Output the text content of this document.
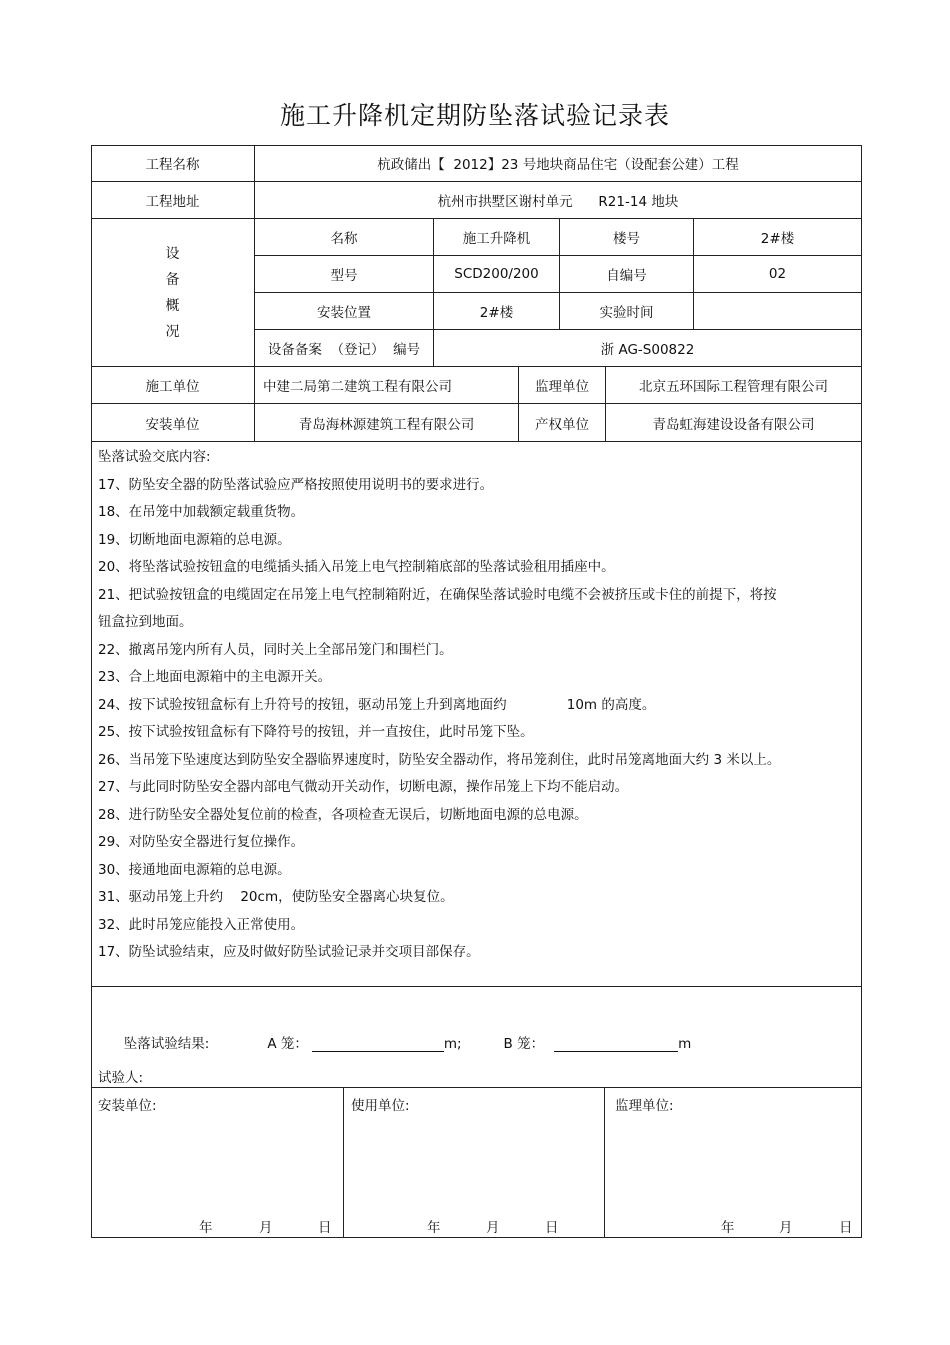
施工升降机定期防坠落试验记录表
工程名称	杭政储出【  2012】23 号地块商品住宅（设配套公建）工程
工程地址	杭州市拱墅区谢村单元      R21-14 地块
设
备
概
况
名称	施工升降机	楼号	2#楼
型号	SCD200/200	自编号	02
安装位置	2#楼	实验时间
设备备案  （登记）  编号	浙 AG-S00822
施工单位	中建二局第二建筑工程有限公司	监理单位	北京五环国际工程管理有限公司
安装单位	青岛海林源建筑工程有限公司	产权单位	青岛虹海建设设备有限公司
坠落试验交底内容:
17、防坠安全器的防坠落试验应严格按照使用说明书的要求进行。
18、在吊笼中加载额定载重货物。
19、切断地面电源箱的总电源。
20、将坠落试验按钮盒的电缆插头插入吊笼上电气控制箱底部的坠落试验租用插座中。
21、把试验按钮盒的电缆固定在吊笼上电气控制箱附近，在确保坠落试验时电缆不会被挤压或卡住的前提下，将按钮盒拉到地面。
22、撤离吊笼内所有人员，同时关上全部吊笼门和围栏门。
23、合上地面电源箱中的主电源开关。
24、按下试验按钮盒标有上升符号的按钮，驱动吊笼上升到离地面约              10m 的高度。
25、按下试验按钮盒标有下降符号的按钮，并一直按住，此时吊笼下坠。
26、当吊笼下坠速度达到防坠安全器临界速度时，防坠安全器动作，将吊笼刹住，此时吊笼离地面大约 3 米以上。
27、与此同时防坠安全器内部电气微动开关动作，切断电源，操作吊笼上下均不能启动。
28、进行防坠安全器处复位前的检查，各项检查无误后，切断地面电源的总电源。
29、对防坠安全器进行复位操作。
30、接通地面电源箱的总电源。
31、驱动吊笼上升约    20cm，使防坠安全器离心块复位。
32、此时吊笼应能投入正常使用。
17、防坠试验结束，应及时做好防坠试验记录并交项目部保存。

坠落试验结果:	A 笼：	m;	B 笼：	m

试验人:
安装单位:
年	月	日
使用单位:
年	月	日
监理单位:
年	月	日
